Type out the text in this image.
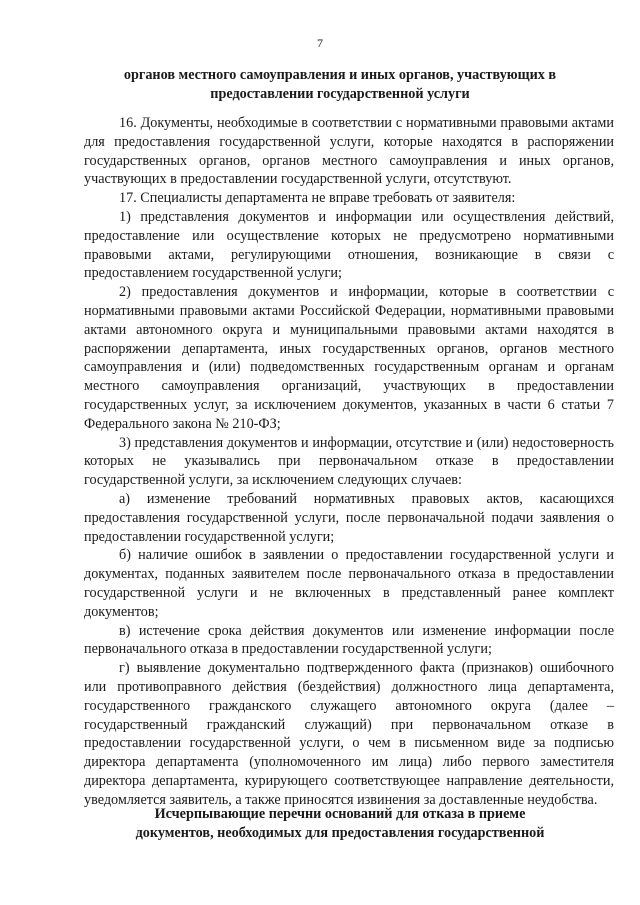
7
органов местного самоуправления и иных органов, участвующих в
предоставлении государственной услуги

16. Документы, необходимые в соответствии с нормативными правовыми актами для предоставления государственной услуги, которые находятся в распоряжении государственных органов, органов местного самоуправления и иных органов, участвующих в предоставлении государственной услуги, отсутствуют.

17. Специалисты департамента не вправе требовать от заявителя:

1) представления документов и информации или осуществления действий, предоставление или осуществление которых не предусмотрено нормативными правовыми актами, регулирующими отношения, возникающие в связи с предоставлением государственной услуги;

2) предоставления документов и информации, которые в соответствии с нормативными правовыми актами Российской Федерации, нормативными правовыми актами автономного округа и муниципальными правовыми актами находятся в распоряжении департамента, иных государственных органов, органов местного самоуправления и (или) подведомственных государственным органам и органам местного самоуправления организаций, участвующих в предоставлении государственных услуг, за исключением документов, указанных в части 6 статьи 7 Федерального закона № 210-ФЗ;

3) представления документов и информации, отсутствие и (или) недостоверность которых не указывались при первоначальном отказе в предоставлении государственной услуги, за исключением следующих случаев:

а) изменение требований нормативных правовых актов, касающихся предоставления государственной услуги, после первоначальной подачи заявления о предоставлении государственной услуги;

б) наличие ошибок в заявлении о предоставлении государственной услуги и документах, поданных заявителем после первоначального отказа в предоставлении государственной услуги и не включенных в представленный ранее комплект документов;

в) истечение срока действия документов или изменение информации после первоначального отказа в предоставлении государственной услуги;

г) выявление документально подтвержденного факта (признаков) ошибочного или противоправного действия (бездействия) должностного лица департамента, государственного гражданского служащего автономного округа (далее – государственный гражданский служащий) при первоначальном отказе в предоставлении государственной услуги, о чем в письменном виде за подписью директора департамента (уполномоченного им лица) либо первого заместителя директора департамента, курирующего соответствующее направление деятельности, уведомляется заявитель, а также приносятся извинения за доставленные неудобства.

Исчерпывающие перечни оснований для отказа в приеме
документов, необходимых для предоставления государственной
